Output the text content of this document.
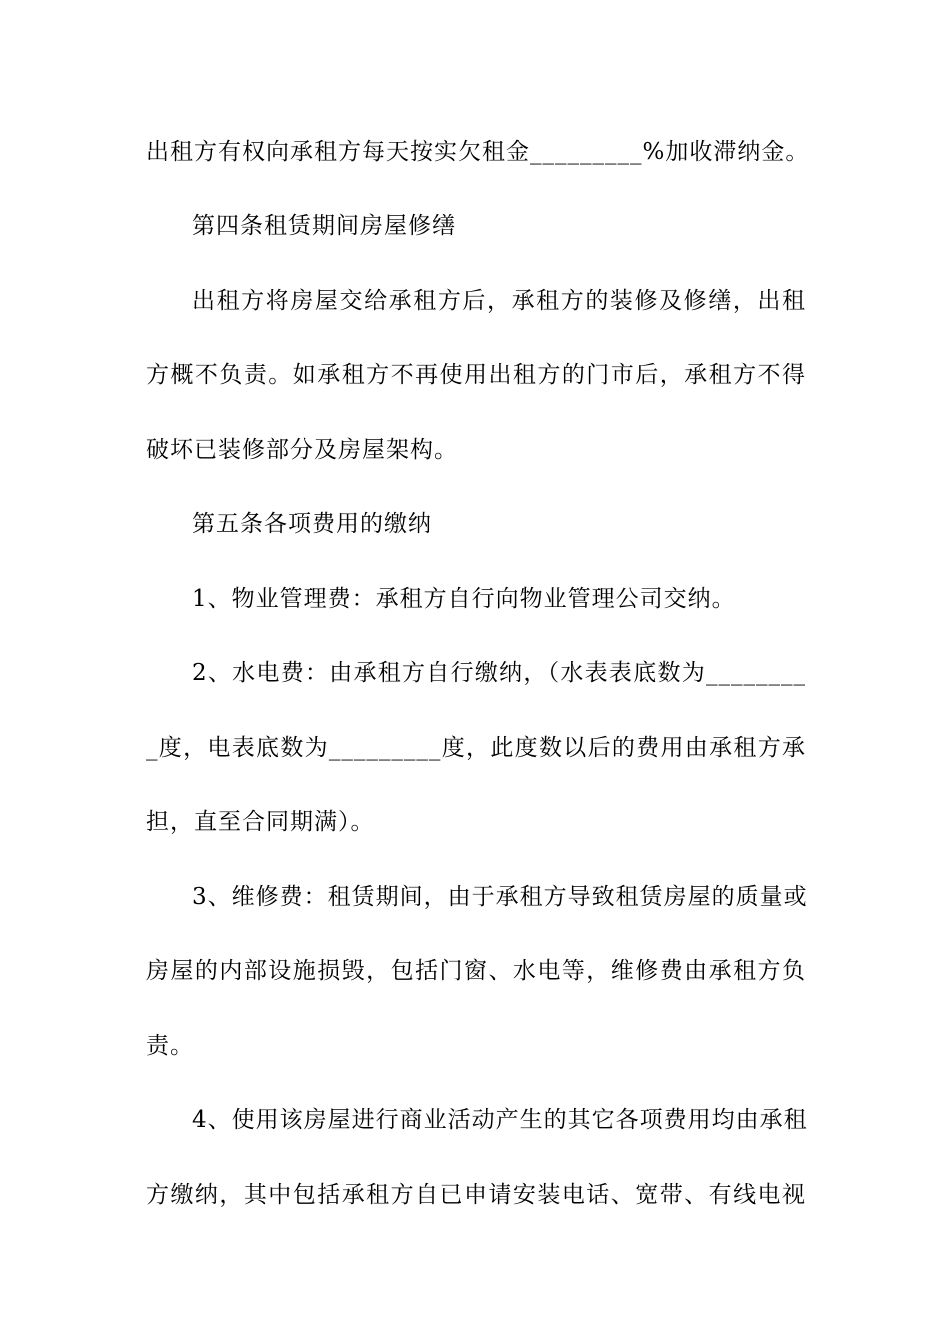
出租方有权向承租方每天按实欠租金_________%加收滞纳金。
第四条租赁期间房屋修缮
出租方将房屋交给承租方后，承租方的装修及修缮，出租
方概不负责。如承租方不再使用出租方的门市后，承租方不得
破坏已装修部分及房屋架构。
第五条各项费用的缴纳
1、物业管理费：承租方自行向物业管理公司交纳。
2、水电费：由承租方自行缴纳，（水表表底数为________
_度，电表底数为_________度，此度数以后的费用由承租方承
担，直至合同期满）。
3、维修费：租赁期间，由于承租方导致租赁房屋的质量或
房屋的内部设施损毁，包括门窗、水电等，维修费由承租方负
责。
4、使用该房屋进行商业活动产生的其它各项费用均由承租
方缴纳，其中包括承租方自已申请安装电话、宽带、有线电视
